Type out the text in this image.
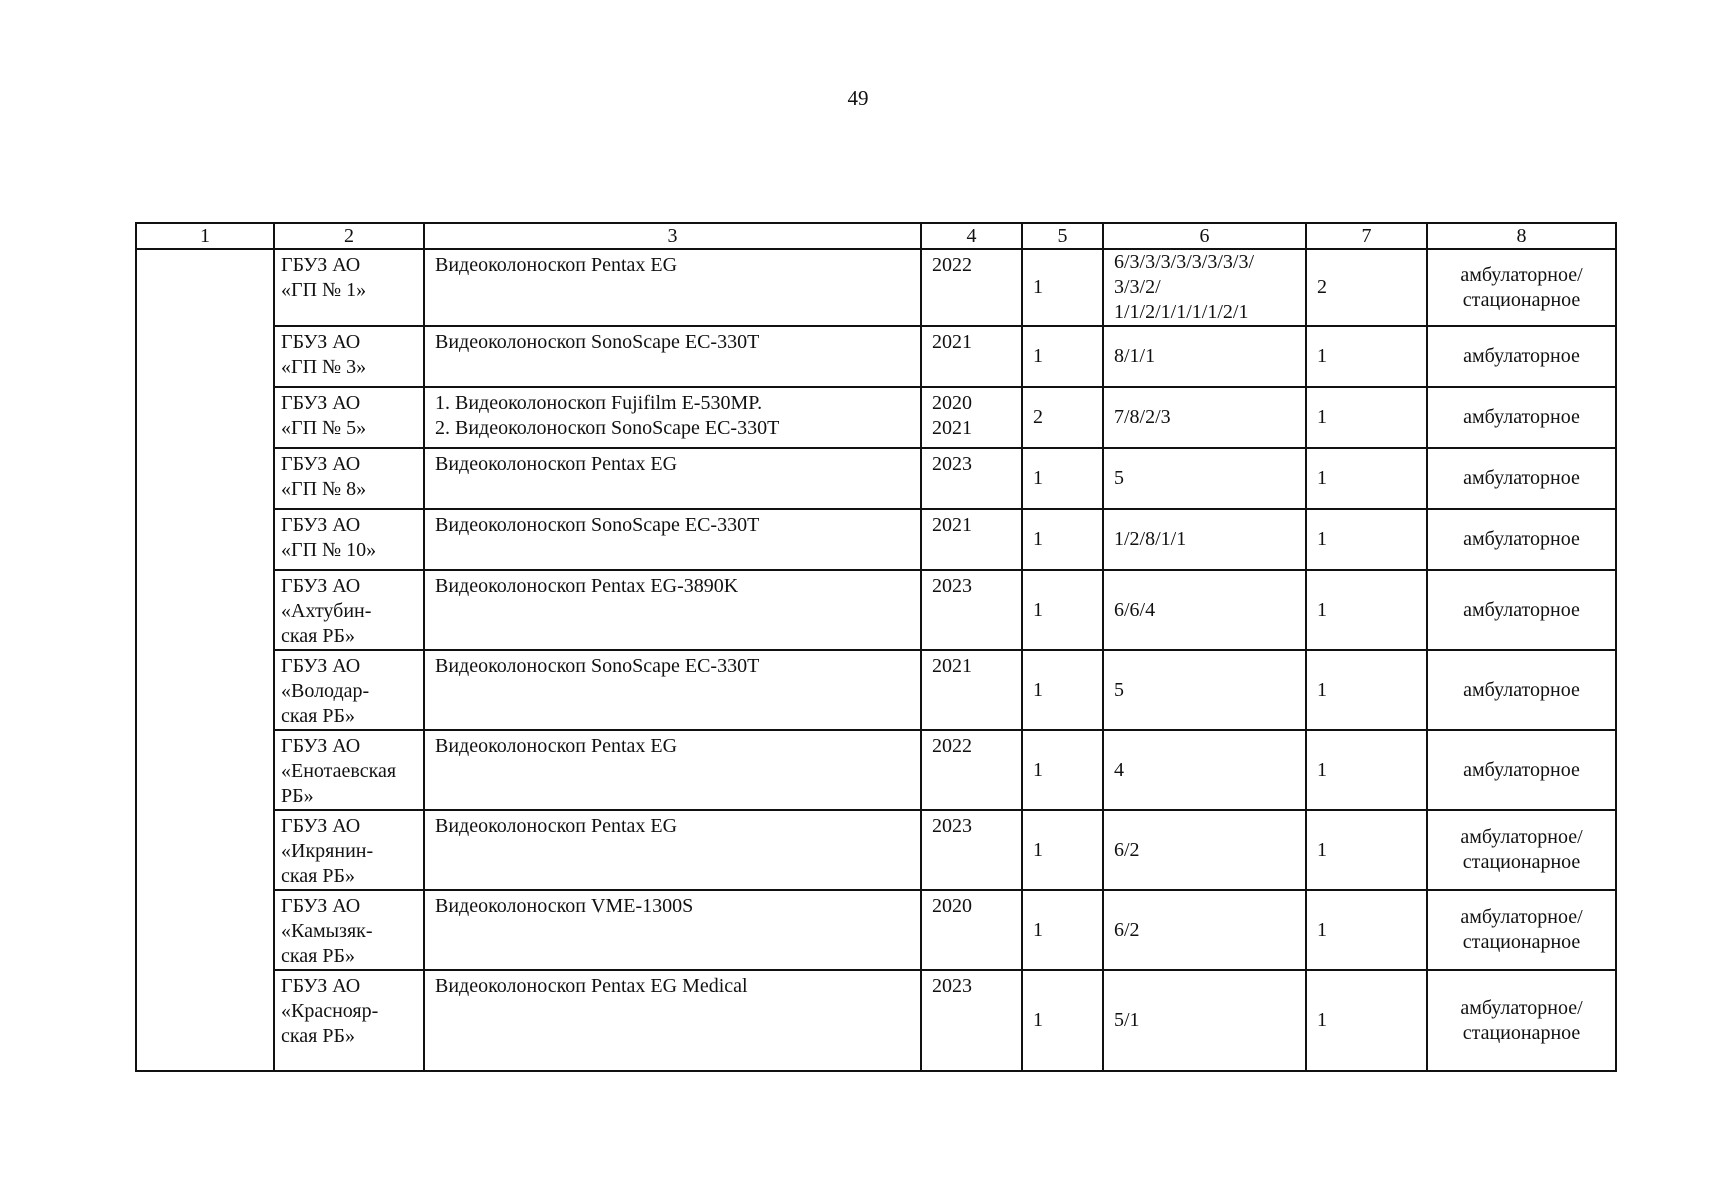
49
1	2	3	4	5	6	7	8

	ГБУЗ АО
«ГП № 1»	Видеоколоноскоп Pentax EG	2022	1	6/3/3/3/3/3/3/3/3/
3/3/2/
1/1/2/1/1/1/1/2/1	2	амбулаторное/
стационарное

	ГБУЗ АО
«ГП № 3»	Видеоколоноскоп SonoScape EC-330T	2021	1	8/1/1	1	амбулаторное

	ГБУЗ АО
«ГП № 5»	1. Видеоколоноскоп Fujifilm E-530MP.
2. Видеоколоноскоп SonoScape EC-330T	2020
2021	2	7/8/2/3	1	амбулаторное

	ГБУЗ АО
«ГП № 8»	Видеоколоноскоп Pentax EG	2023	1	5	1	амбулаторное

	ГБУЗ АО
«ГП № 10»	Видеоколоноскоп SonoScape EC-330T	2021	1	1/2/8/1/1	1	амбулаторное

	ГБУЗ АО
«Ахтубин-
ская РБ»	Видеоколоноскоп Pentax EG-3890K	2023	1	6/6/4	1	амбулаторное

	ГБУЗ АО
«Володар-
ская РБ»	Видеоколоноскоп SonoScape EC-330T	2021	1	5	1	амбулаторное

	ГБУЗ АО
«Енотаевская
РБ»	Видеоколоноскоп Pentax EG	2022	1	4	1	амбулаторное

	ГБУЗ АО
«Икрянин-
ская РБ»	Видеоколоноскоп Pentax EG	2023	1	6/2	1	амбулаторное/
стационарное

	ГБУЗ АО
«Камызяк-
ская РБ»	Видеоколоноскоп VME-1300S	2020	1	6/2	1	амбулаторное/
стационарное

	ГБУЗ АО
«Краснояр-
ская РБ»	Видеоколоноскоп Pentax EG Medical	2023	1	5/1	1	амбулаторное/
стационарное
